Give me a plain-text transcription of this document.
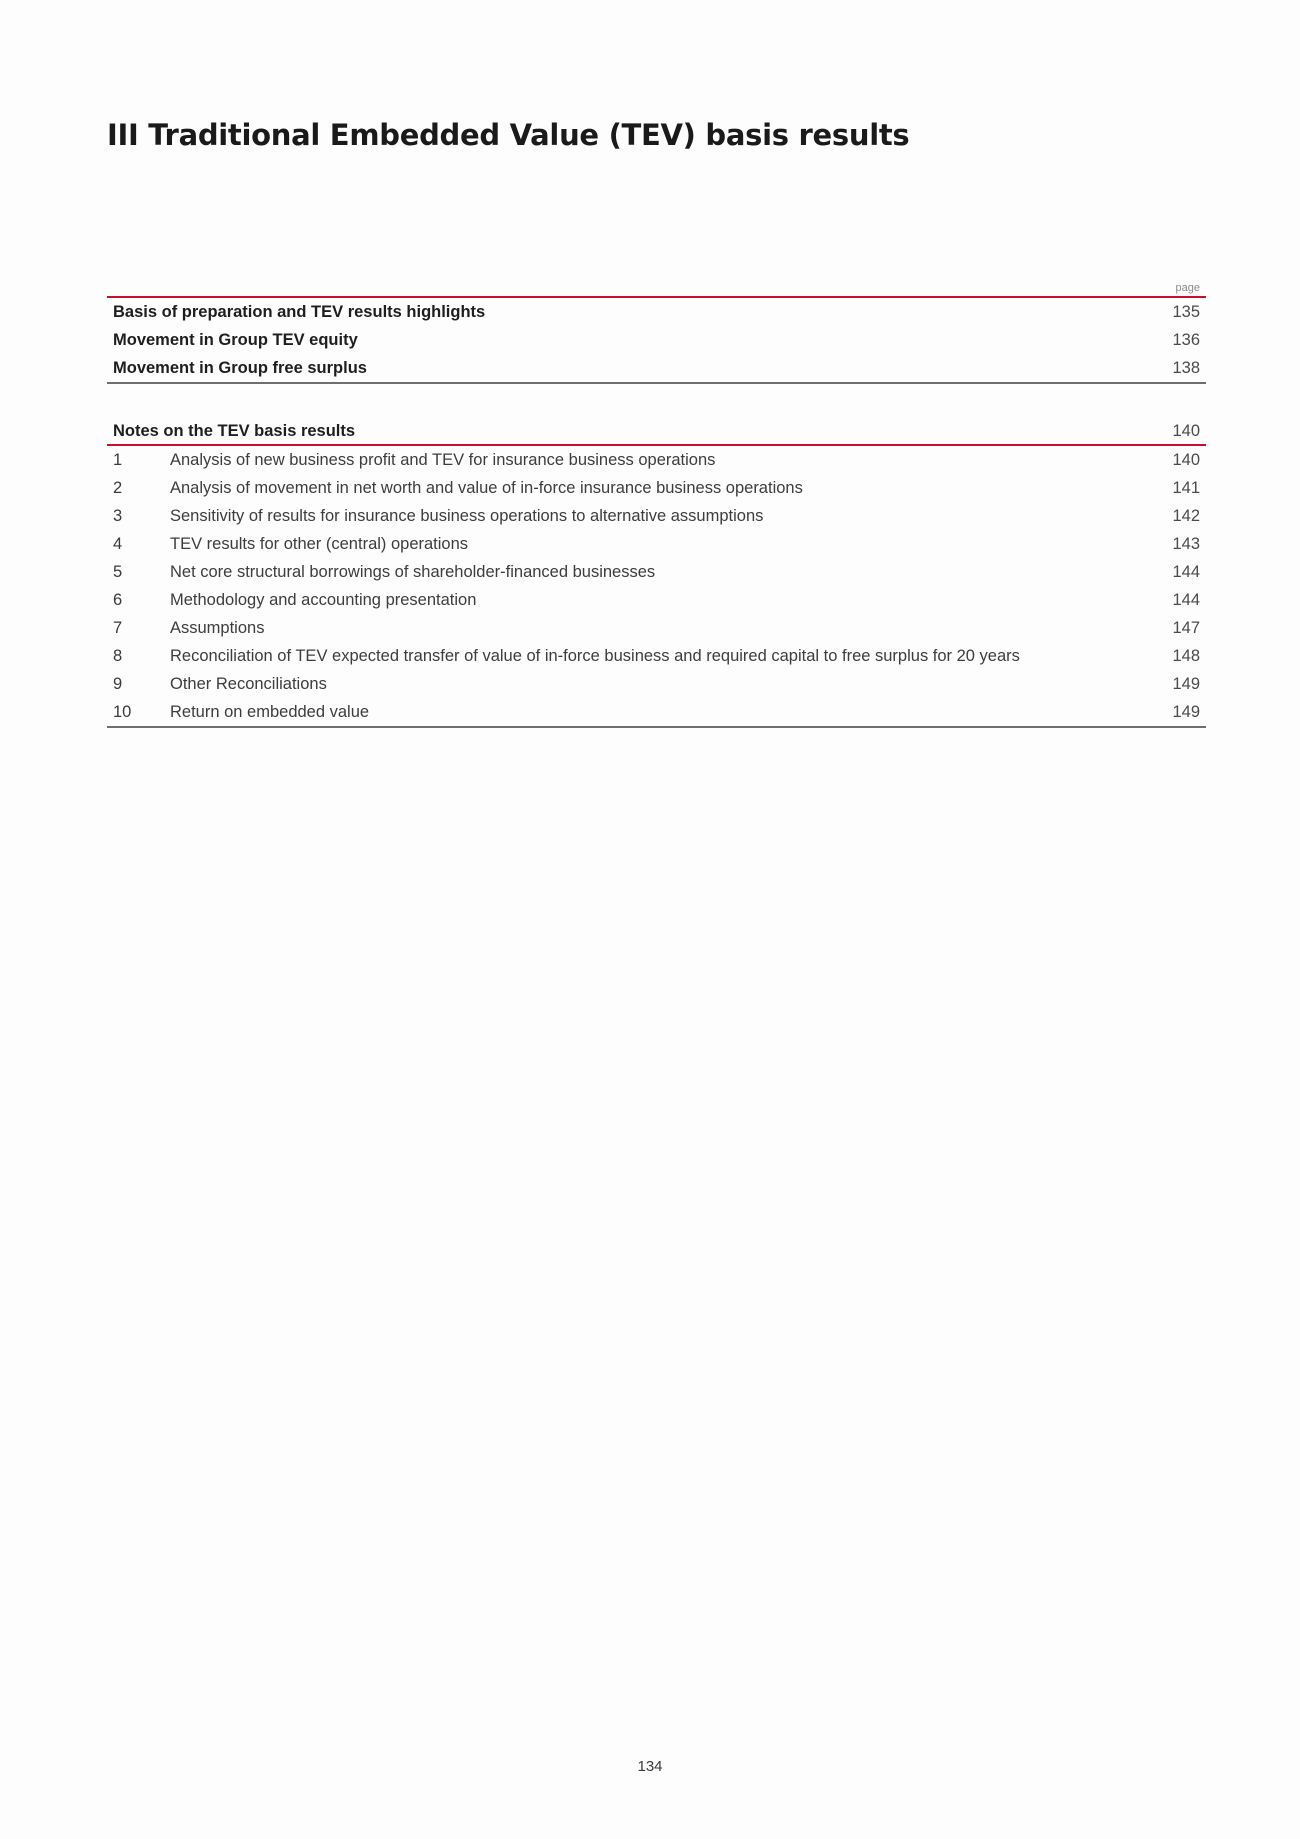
III Traditional Embedded Value (TEV) basis results
page
Basis of preparation and TEV results highlights	135
Movement in Group TEV equity	136
Movement in Group free surplus	138
Notes on the TEV basis results	140
1	Analysis of new business profit and TEV for insurance business operations	140
2	Analysis of movement in net worth and value of in-force insurance business operations	141
3	Sensitivity of results for insurance business operations to alternative assumptions	142
4	TEV results for other (central) operations	143
5	Net core structural borrowings of shareholder-financed businesses	144
6	Methodology and accounting presentation	144
7	Assumptions	147
8	Reconciliation of TEV expected transfer of value of in-force business and required capital to free surplus for 20 years	148
9	Other Reconciliations	149
10	Return on embedded value	149
134
